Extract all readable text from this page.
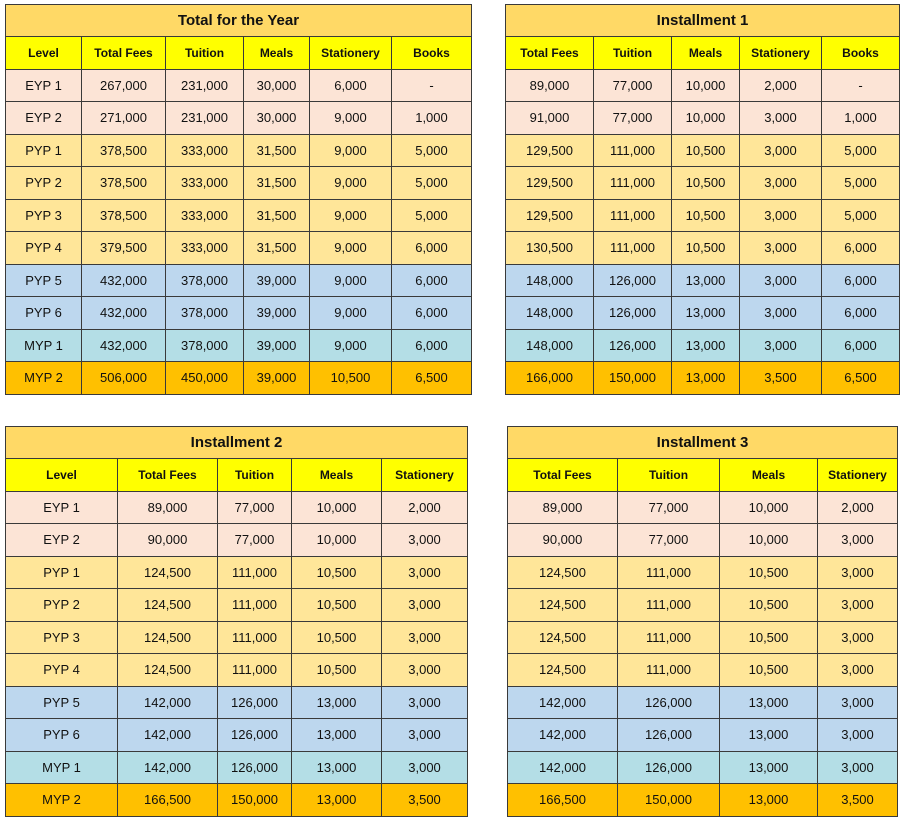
Total for the Year					
Level	Total Fees	Tuition	Meals	Stationery	Books
EYP 1	267,000	231,000	30,000	6,000	-
EYP 2	271,000	231,000	30,000	9,000	1,000
PYP 1	378,500	333,000	31,500	9,000	5,000
PYP 2	378,500	333,000	31,500	9,000	5,000
PYP 3	378,500	333,000	31,500	9,000	5,000
PYP 4	379,500	333,000	31,500	9,000	6,000
PYP 5	432,000	378,000	39,000	9,000	6,000
PYP 6	432,000	378,000	39,000	9,000	6,000
MYP 1	432,000	378,000	39,000	9,000	6,000
MYP 2	506,000	450,000	39,000	10,500	6,500
Installment 1				
Total Fees	Tuition	Meals	Stationery	Books
89,000	77,000	10,000	2,000	-
91,000	77,000	10,000	3,000	1,000
129,500	111,000	10,500	3,000	5,000
129,500	111,000	10,500	3,000	5,000
129,500	111,000	10,500	3,000	5,000
130,500	111,000	10,500	3,000	6,000
148,000	126,000	13,000	3,000	6,000
148,000	126,000	13,000	3,000	6,000
148,000	126,000	13,000	3,000	6,000
166,000	150,000	13,000	3,500	6,500
Installment 2				
Level	Total Fees	Tuition	Meals	Stationery
EYP 1	89,000	77,000	10,000	2,000
EYP 2	90,000	77,000	10,000	3,000
PYP 1	124,500	111,000	10,500	3,000
PYP 2	124,500	111,000	10,500	3,000
PYP 3	124,500	111,000	10,500	3,000
PYP 4	124,500	111,000	10,500	3,000
PYP 5	142,000	126,000	13,000	3,000
PYP 6	142,000	126,000	13,000	3,000
MYP 1	142,000	126,000	13,000	3,000
MYP 2	166,500	150,000	13,000	3,500
Installment 3			
Total Fees	Tuition	Meals	Stationery
89,000	77,000	10,000	2,000
90,000	77,000	10,000	3,000
124,500	111,000	10,500	3,000
124,500	111,000	10,500	3,000
124,500	111,000	10,500	3,000
124,500	111,000	10,500	3,000
142,000	126,000	13,000	3,000
142,000	126,000	13,000	3,000
142,000	126,000	13,000	3,000
166,500	150,000	13,000	3,500
